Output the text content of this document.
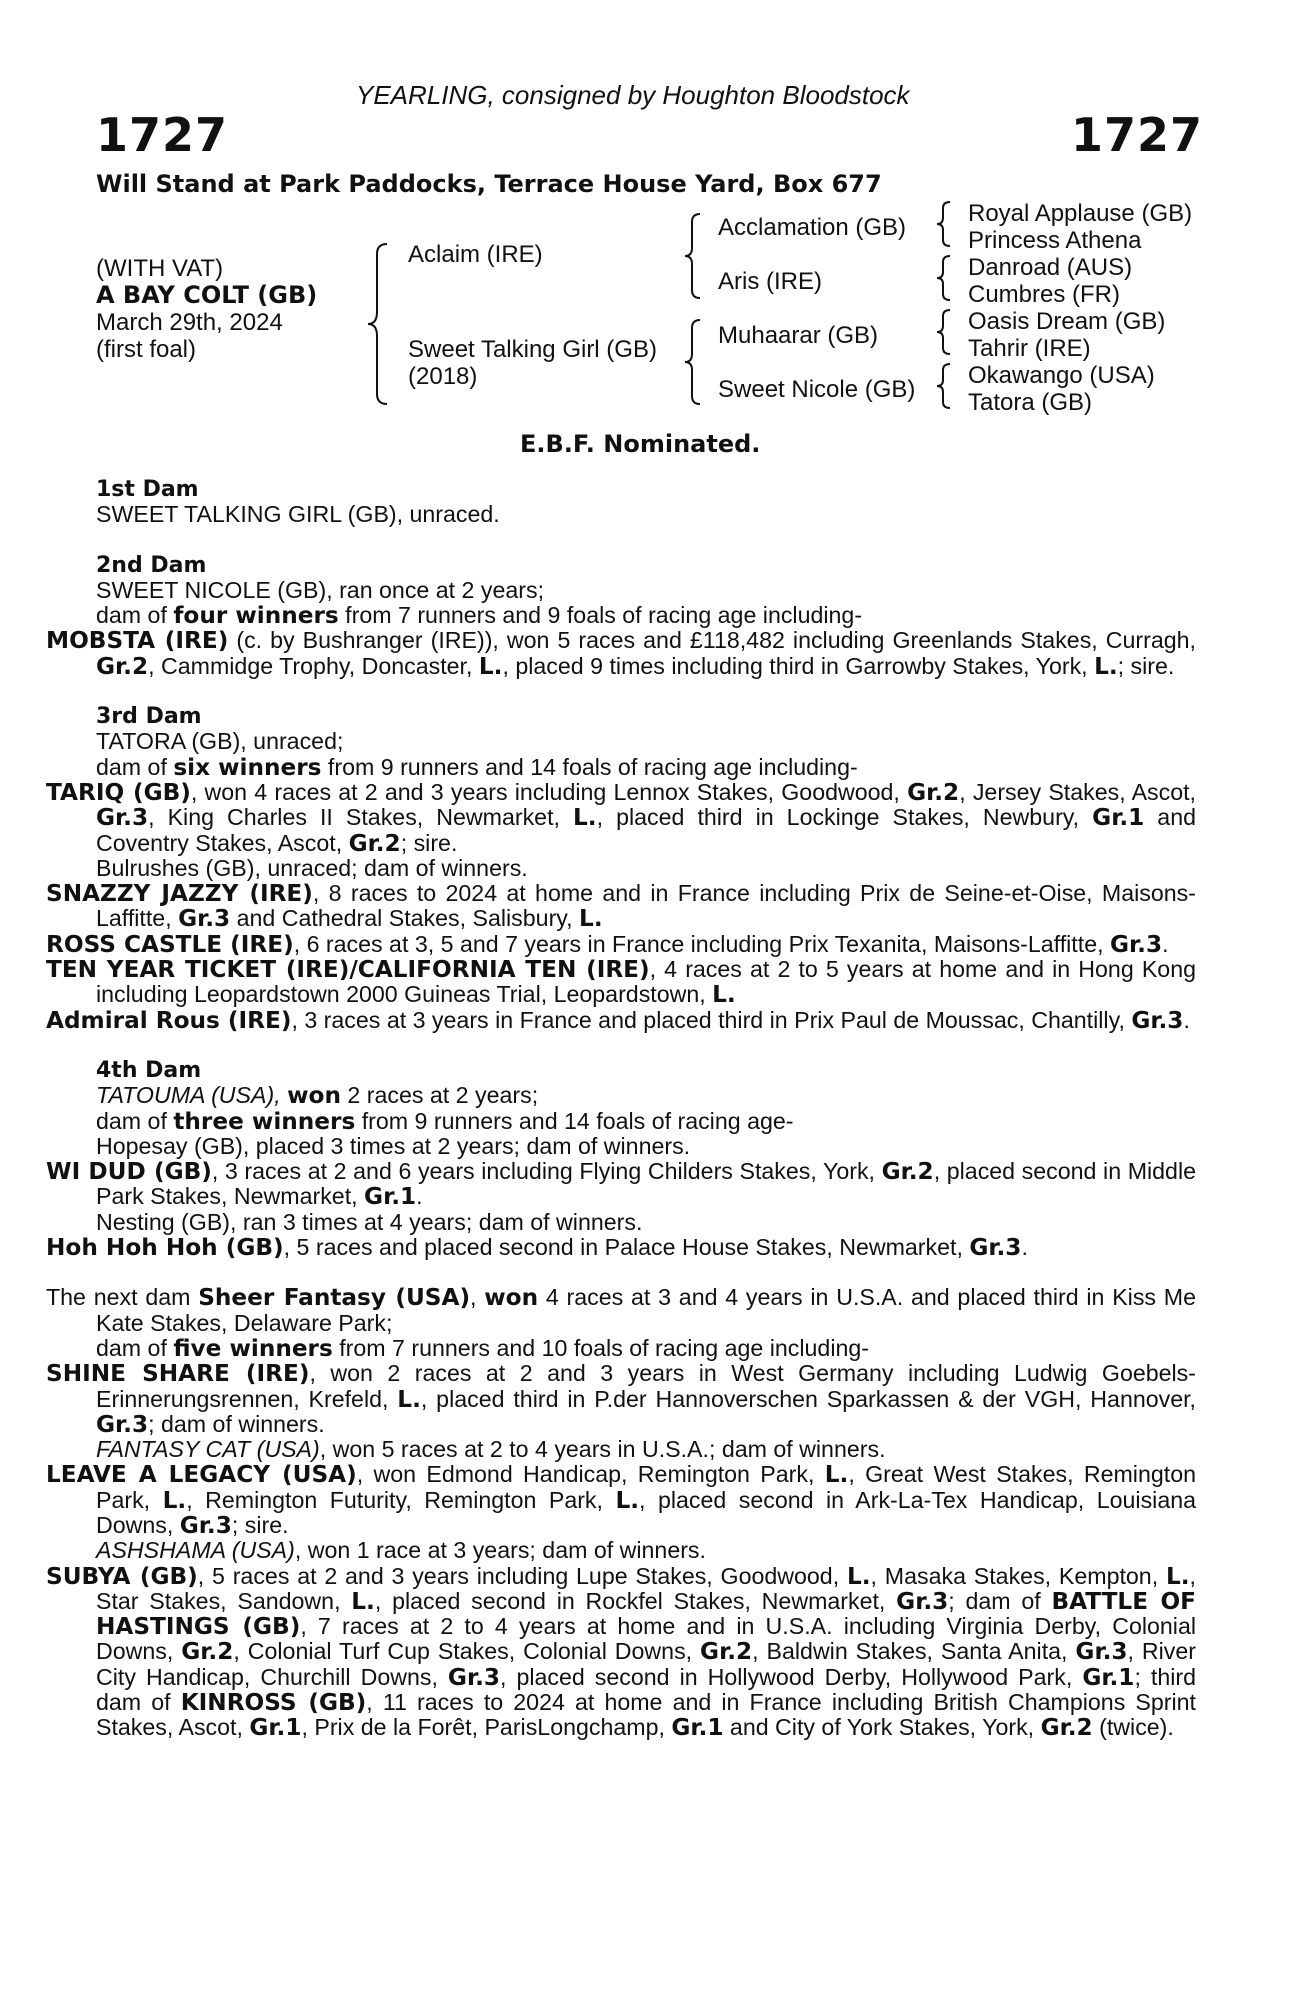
YEARLING, consigned by Houghton Bloodstock
1727	1727
Will Stand at Park Paddocks, Terrace House Yard, Box 677
(WITH VAT)
A BAY COLT (GB)
March 29th, 2024
(first foal)
Aclaim (IRE)
Sweet Talking Girl (GB)
(2018)
Acclamation (GB)
Aris (IRE)
Muhaarar (GB)
Sweet Nicole (GB)
Royal Applause (GB)
Princess Athena
Danroad (AUS)
Cumbres (FR)
Oasis Dream (GB)
Tahrir (IRE)
Okawango (USA)
Tatora (GB)
E.B.F. Nominated.
1st Dam
SWEET TALKING GIRL (GB), unraced.
2nd Dam
SWEET NICOLE (GB), ran once at 2 years;
dam of four winners from 7 runners and 9 foals of racing age including-
MOBSTA (IRE) (c. by Bushranger (IRE)), won 5 races and £118,482 including Greenlands Stakes, Curragh, Gr.2, Cammidge Trophy, Doncaster, L., placed 9 times including third in Garrowby Stakes, York, L.; sire.
3rd Dam
TATORA (GB), unraced;
dam of six winners from 9 runners and 14 foals of racing age including-
TARIQ (GB), won 4 races at 2 and 3 years including Lennox Stakes, Goodwood, Gr.2, Jersey Stakes, Ascot, Gr.3, King Charles II Stakes, Newmarket, L., placed third in Lockinge Stakes, Newbury, Gr.1 and Coventry Stakes, Ascot, Gr.2; sire.
Bulrushes (GB), unraced; dam of winners.
SNAZZY JAZZY (IRE), 8 races to 2024 at home and in France including Prix de Seine-et-Oise, Maisons-Laffitte, Gr.3 and Cathedral Stakes, Salisbury, L.
ROSS CASTLE (IRE), 6 races at 3, 5 and 7 years in France including Prix Texanita, Maisons-Laffitte, Gr.3.
TEN YEAR TICKET (IRE)/CALIFORNIA TEN (IRE), 4 races at 2 to 5 years at home and in Hong Kong including Leopardstown 2000 Guineas Trial, Leopardstown, L.
Admiral Rous (IRE), 3 races at 3 years in France and placed third in Prix Paul de Moussac, Chantilly, Gr.3.
4th Dam
TATOUMA (USA), won 2 races at 2 years;
dam of three winners from 9 runners and 14 foals of racing age-
Hopesay (GB), placed 3 times at 2 years; dam of winners.
WI DUD (GB), 3 races at 2 and 6 years including Flying Childers Stakes, York, Gr.2, placed second in Middle Park Stakes, Newmarket, Gr.1.
Nesting (GB), ran 3 times at 4 years; dam of winners.
Hoh Hoh Hoh (GB), 5 races and placed second in Palace House Stakes, Newmarket, Gr.3.
The next dam Sheer Fantasy (USA), won 4 races at 3 and 4 years in U.S.A. and placed third in Kiss Me Kate Stakes, Delaware Park;
dam of five winners from 7 runners and 10 foals of racing age including-
SHINE SHARE (IRE), won 2 races at 2 and 3 years in West Germany including Ludwig Goebels-Erinnerungsrennen, Krefeld, L., placed third in P.der Hannoverschen Sparkassen & der VGH, Hannover, Gr.3; dam of winners.
FANTASY CAT (USA), won 5 races at 2 to 4 years in U.S.A.; dam of winners.
LEAVE A LEGACY (USA), won Edmond Handicap, Remington Park, L., Great West Stakes, Remington Park, L., Remington Futurity, Remington Park, L., placed second in Ark-La-Tex Handicap, Louisiana Downs, Gr.3; sire.
ASHSHAMA (USA), won 1 race at 3 years; dam of winners.
SUBYA (GB), 5 races at 2 and 3 years including Lupe Stakes, Goodwood, L., Masaka Stakes, Kempton, L., Star Stakes, Sandown, L., placed second in Rockfel Stakes, Newmarket, Gr.3; dam of BATTLE OF HASTINGS (GB), 7 races at 2 to 4 years at home and in U.S.A. including Virginia Derby, Colonial Downs, Gr.2, Colonial Turf Cup Stakes, Colonial Downs, Gr.2, Baldwin Stakes, Santa Anita, Gr.3, River City Handicap, Churchill Downs, Gr.3, placed second in Hollywood Derby, Hollywood Park, Gr.1; third dam of KINROSS (GB), 11 races to 2024 at home and in France including British Champions Sprint Stakes, Ascot, Gr.1, Prix de la Forêt, ParisLongchamp, Gr.1 and City of York Stakes, York, Gr.2 (twice).
